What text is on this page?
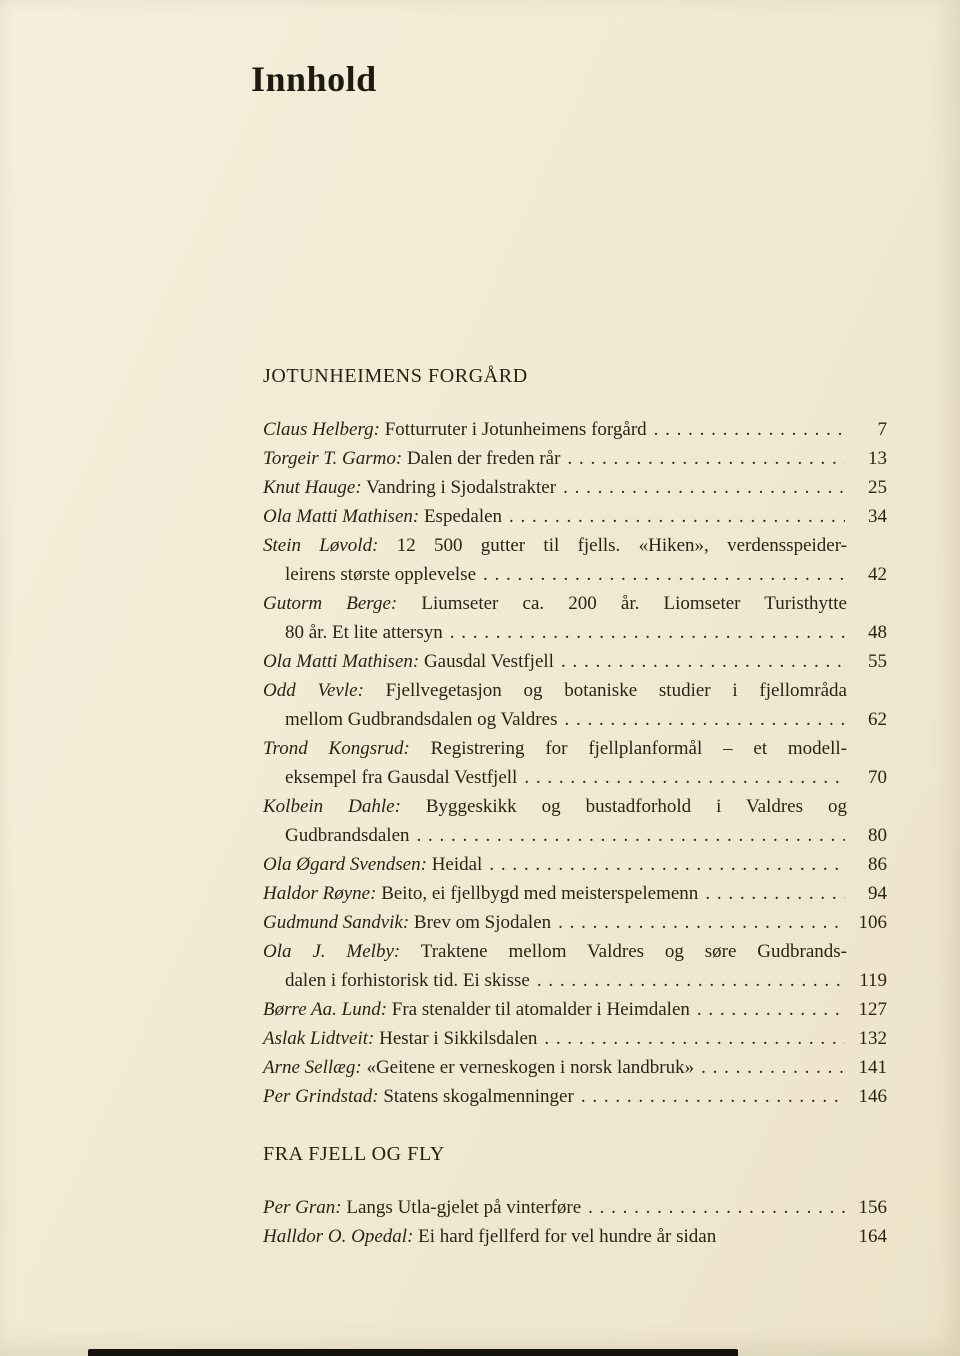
Innhold
JOTUNHEIMENS FORGÅRD
Claus Helberg: Fotturruter i Jotunheimens forgård . . .	7
Torgeir T. Garmo: Dalen der freden rår . . .	13
Knut Hauge: Vandring i Sjodalstrakter . . .	25
Ola Matti Mathisen: Espedalen . . .	34
Stein Løvold: 12 500 gutter til fjells. «Hiken», verdensspeider-
leirens største opplevelse . . .	42
Gutorm Berge: Liumseter ca. 200 år. Liomseter Turisthytte
80 år. Et lite attersyn . . .	48
Ola Matti Mathisen: Gausdal Vestfjell . . .	55
Odd Vevle: Fjellvegetasjon og botaniske studier i fjellområda
mellom Gudbrandsdalen og Valdres . . .	62
Trond Kongsrud: Registrering for fjellplanformål – et modell-
eksempel fra Gausdal Vestfjell . . .	70
Kolbein Dahle: Byggeskikk og bustadforhold i Valdres og
Gudbrandsdalen . . .	80
Ola Øgard Svendsen: Heidal . . .	86
Haldor Røyne: Beito, ei fjellbygd med meisterspelemenn . . .	94
Gudmund Sandvik: Brev om Sjodalen . . .	106
Ola J. Melby: Traktene mellom Valdres og søre Gudbrands-
dalen i forhistorisk tid. Ei skisse . . .	119
Børre Aa. Lund: Fra stenalder til atomalder i Heimdalen . . .	127
Aslak Lidtveit: Hestar i Sikkilsdalen . . .	132
Arne Sellæg: «Geitene er verneskogen i norsk landbruk» . . .	141
Per Grindstad: Statens skogalmenninger . . .	146
FRA FJELL OG FLY
Per Gran: Langs Utla-gjelet på vinterføre . . .	156
Halldor O. Opedal: Ei hard fjellferd for vel hundre år sidan	164
